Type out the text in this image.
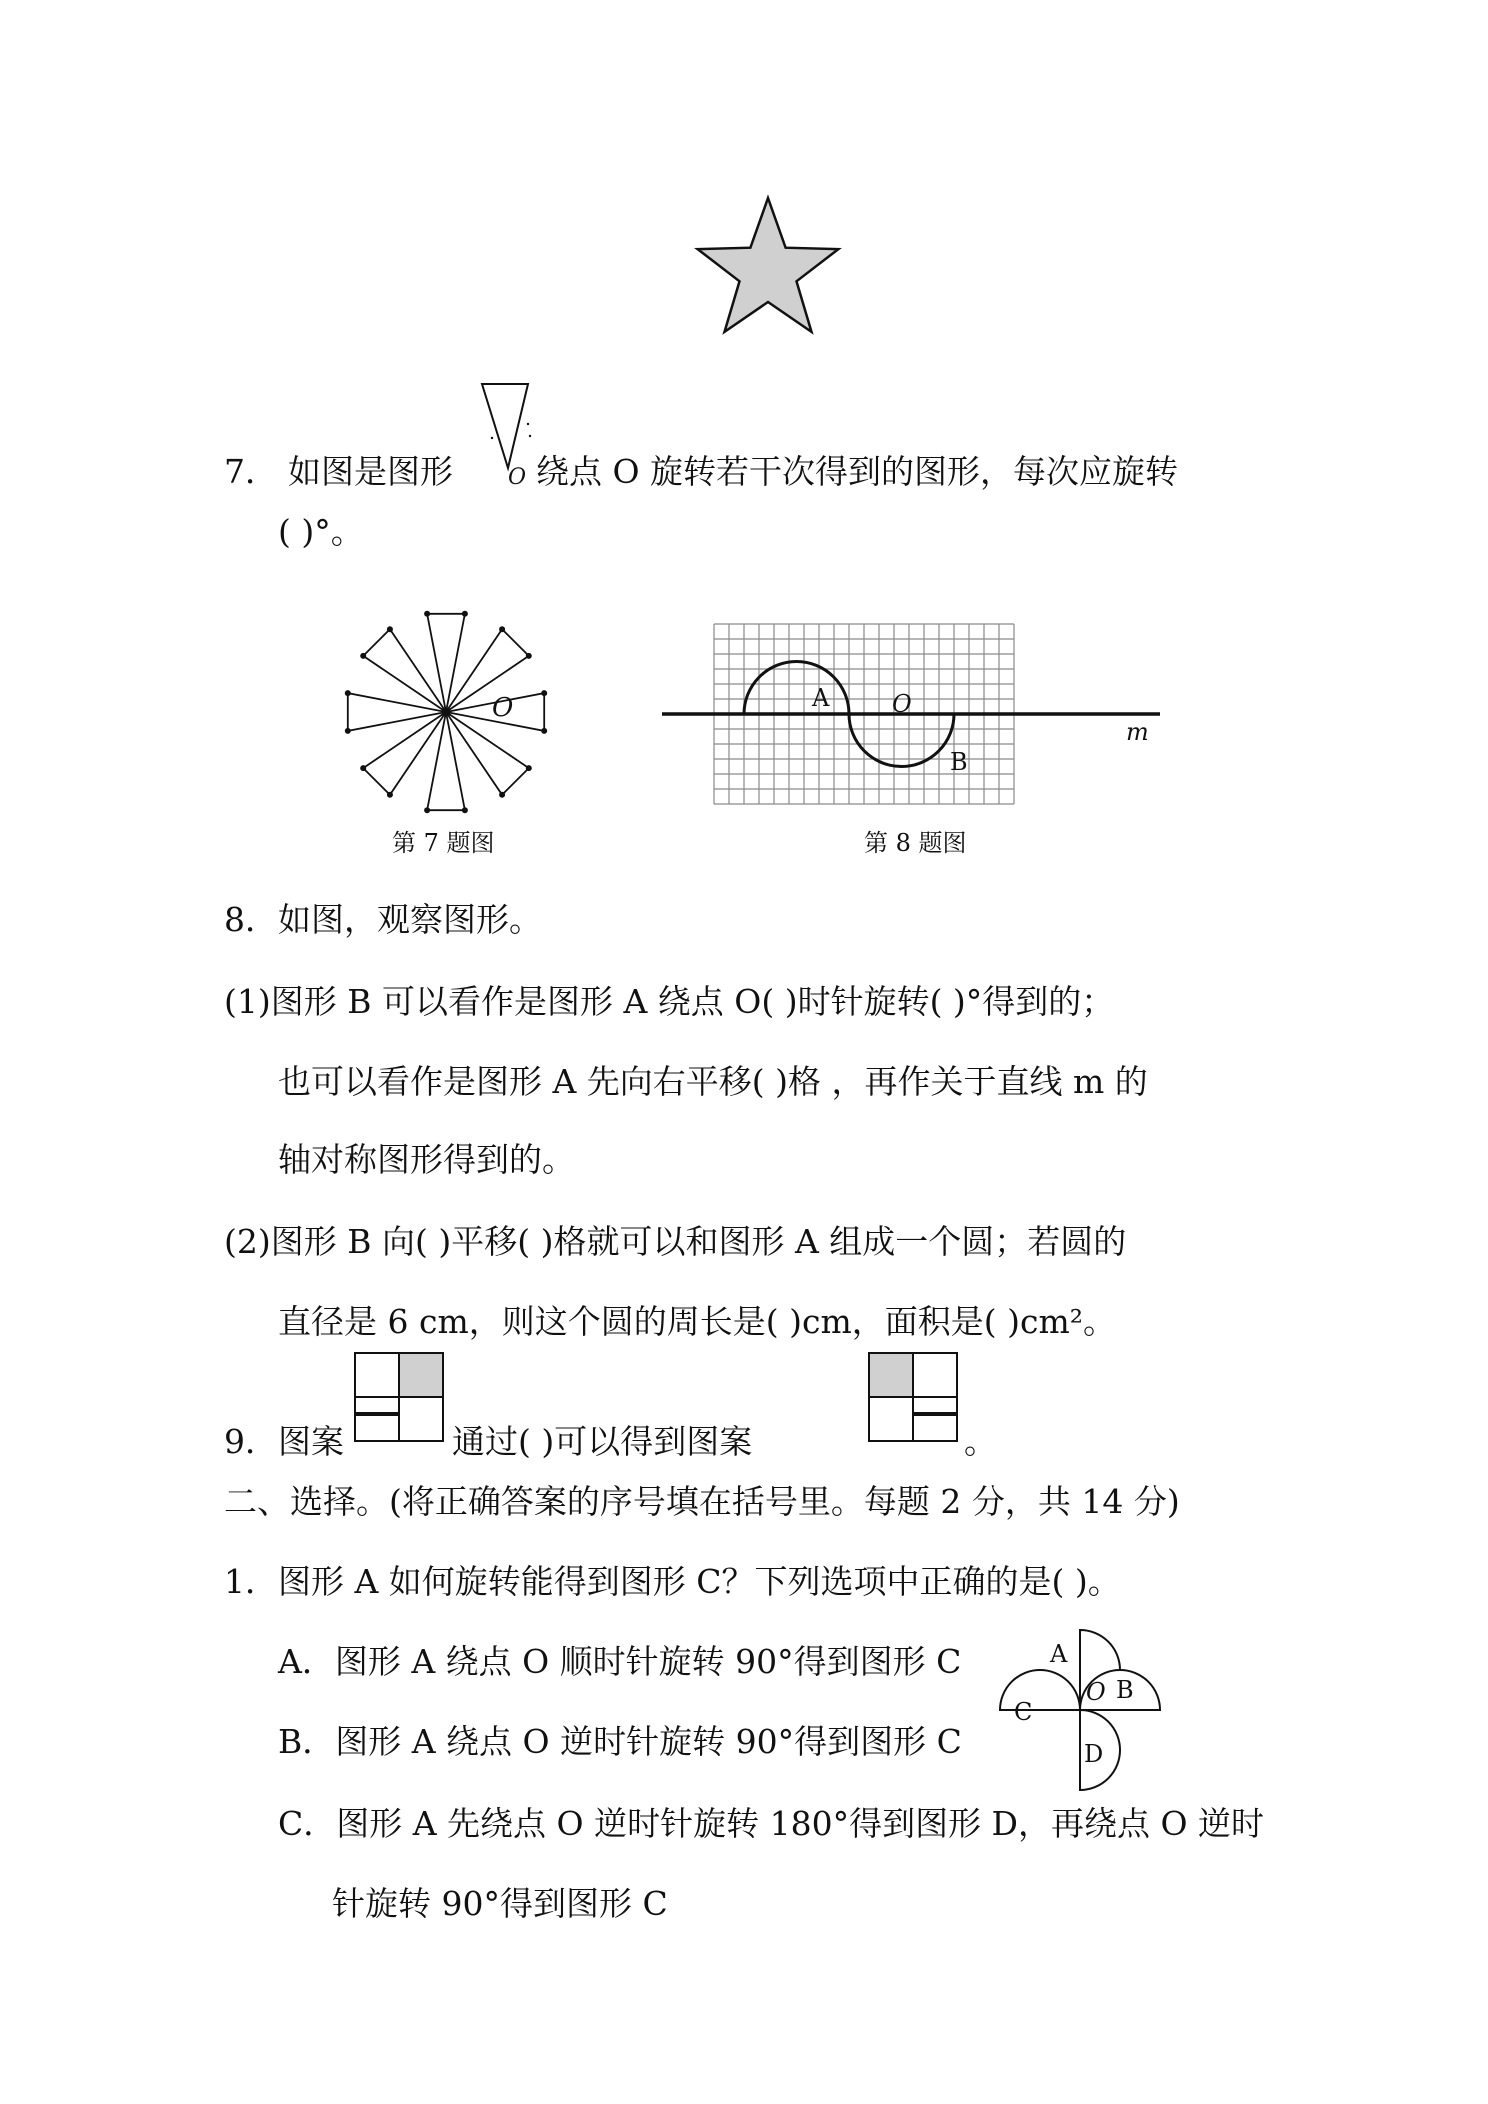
7． 如图是图形	O 绕点 O 旋转若干次得到的图形，每次应旋转
( )°。
O
第 7 题图
A	O
B
m
第 8 题图
8．如图，观察图形。
(1)图形 B 可以看作是图形 A 绕点 O( )时针旋转( )°得到的；
也可以看作是图形 A 先向右平移( )格 ，再作关于直线 m 的
轴对称图形得到的。
(2)图形 B 向( )平移( )格就可以和图形 A 组成一个圆；若圆的
直径是 6 cm，则这个圆的周长是( )cm，面积是( )cm²。
9．图案	通过( )可以得到图案	。
二、选择。(将正确答案的序号填在括号里。每题 2 分，共 14 分)
1．图形 A 如何旋转能得到图形 C？下列选项中正确的是( )。
A．图形 A 绕点 O 顺时针旋转 90°得到图形 C
B．图形 A 绕点 O 逆时针旋转 90°得到图形 C
C．图形 A 先绕点 O 逆时针旋转 180°得到图形 D，再绕点 O 逆时
针旋转 90°得到图形 C
A
O B
C
D
